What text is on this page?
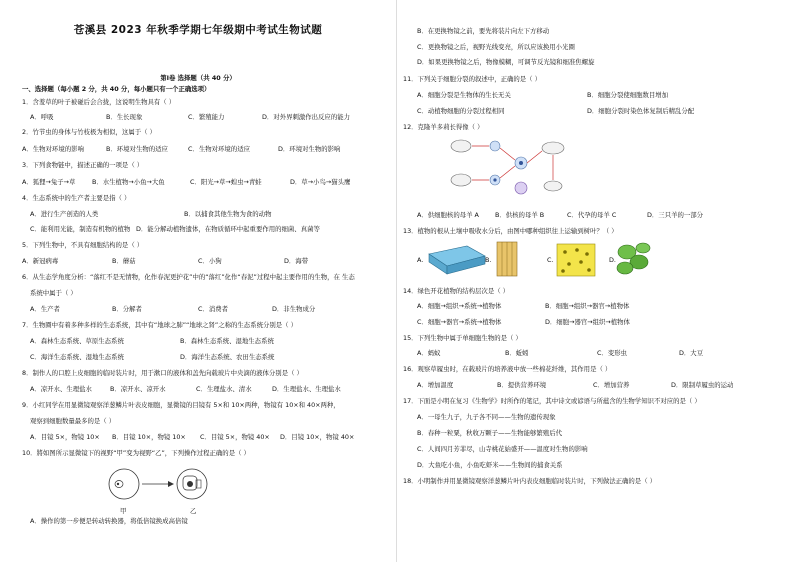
苍溪县 2023 年秋季学期七年级期中考试生物试题
第Ⅰ卷 选择题（共 40 分）
一、选择题（每小题 2 分，共 40 分，每小题只有一个正确选项）
1．含羞草的叶子被碰后会合拢，这说明生物具有（ ）
A．呼吸	B．生长现象	C．繁殖能力	D．对外界刺激作出反应的能力
2．竹节虫的身体与竹枝极为相似，这属于（ ）
A．生物对环境的影响	B．环境对生物的适应	C．生物对环境的适应	D．环境对生物的影响
3．下列食物链中，描述正确的一项是（ ）
A．狐狸→兔子→草	B．水生植物→小鱼→大鱼	C．阳光→草→蝗虫→青蛙	D．草→小鸟→猫头鹰
4．生态系统中的生产者主要是指（ ）
A．进行生产创造的人类	B．以捕食其他生物为食的动物
C．能利用光能，制造有机物的植物 D．能分解动植物遗体，在物质循环中起重要作用的细菌、真菌等
5．下列生物中，不具有细胞结构的是（ ）
A．新冠病毒	B．蘑菇	C．小狗	D．海带
6．从生态学角度分析：“落红不是无情物，化作春泥更护花”中的“落红”化作“春泥”过程中起主要作用的生物，在 生态
系统中属于（ ）
A．生产者	B．分解者	C．消费者	D．非生物成分
7．生物圈中有着多种多样的生态系统，其中有“地球之肺”“地球之肾”之称的生态系统分别是（ ）
A．森林生态系统、草原生态系统	B．森林生态系统、湿地生态系统
C．海洋生态系统、湿地生态系统	D．海洋生态系统、农田生态系统
8．制作人的口腔上皮细胞的临时装片时，用于漱口的液体和盖先向载玻片中央滴的液体分别是（ ）
A．凉开水、生理盐水	B．凉开水、凉开水	C．生理盐水、清水	D．生理盐水、生理盐水
9．小红同学在用显微镜观察洋葱鳞片叶表皮细胞，显微镜的目镜有 5×和 10×两种，物镜有 10×和 40×两种，
观察到细胞数量最多的是（ ）
A．目镜 5×，物镜 10× B．目镜 10×，物镜 10× C．目镜 5×，物镜 40× D．目镜 10×，物镜 40×
10．將如图所示显微镜下的视野“甲”变为视野“乙”，下列操作过程正确的是（ ）
甲	乙
A．操作的第一步便是转动转换器，将低倍镜换成高倍镜
B．在更换物镜之前，要先将装片向左下方移动
C．更换物镜之后，视野光线变亮，所以应该换用小光圈
D．如果更换物镜之后，物像模糊，可调节反光镜和细准焦螺旋
11．下列关于细胞分裂的叙述中，正确的是（ ）
A．细胞分裂是生物体的生长无关	B．细胞分裂使细胞数目增加
C．动植物细胞的分裂过程相同	D．细胞分裂时染色体复制后精乱分配
12．克隆羊多莉长得像（ ）
A．供细胞核的母羊 A	B．供核的母羊 B	C．代孕的母羊 C	D．三只羊的一部分
13．植物的根从土壤中吸收水分后，由图中哪种组织往上运输到树叶？（ ）
A.	B.	C.	D.
14．绿色开花植物的结构层次是（ ）
A．细胞→组织→系统→植物体	B．细胞→组织→器官→植物体
C．细胞→器官→系统→植物体	D．细胞→器官→组织→植物体
15．下列生物中属于单细胞生物的是（ ）
A．蚂蚁	B．蚯蚓	C．变形虫	D．大豆
16．观察草履虫时，在载玻片的培养液中放一些棉花纤维，其作用是（ ）
A．增加温度	B．提供营养环境	C．增加营养	D．限制草履虫的运动
17．下面是小明在复习《生物学》时所作的笔记，其中诗文或谚语与所蕴含的生物学知识不对应的是（ ）
A．一母生九子，九子各不同——生物的遗传现象
B．春种一粒粟，秋收万颗子——生物能够繁殖后代
C．人间四月芳菲尽，山寺桃花始盛开——温度对生物的影响
D．大鱼吃小鱼，小鱼吃虾米——生物间的捕食关系
18．小明制作并用显微镜观察洋葱鳞片叶内表皮细胞临时装片时，下列做法正确的是（ ）
